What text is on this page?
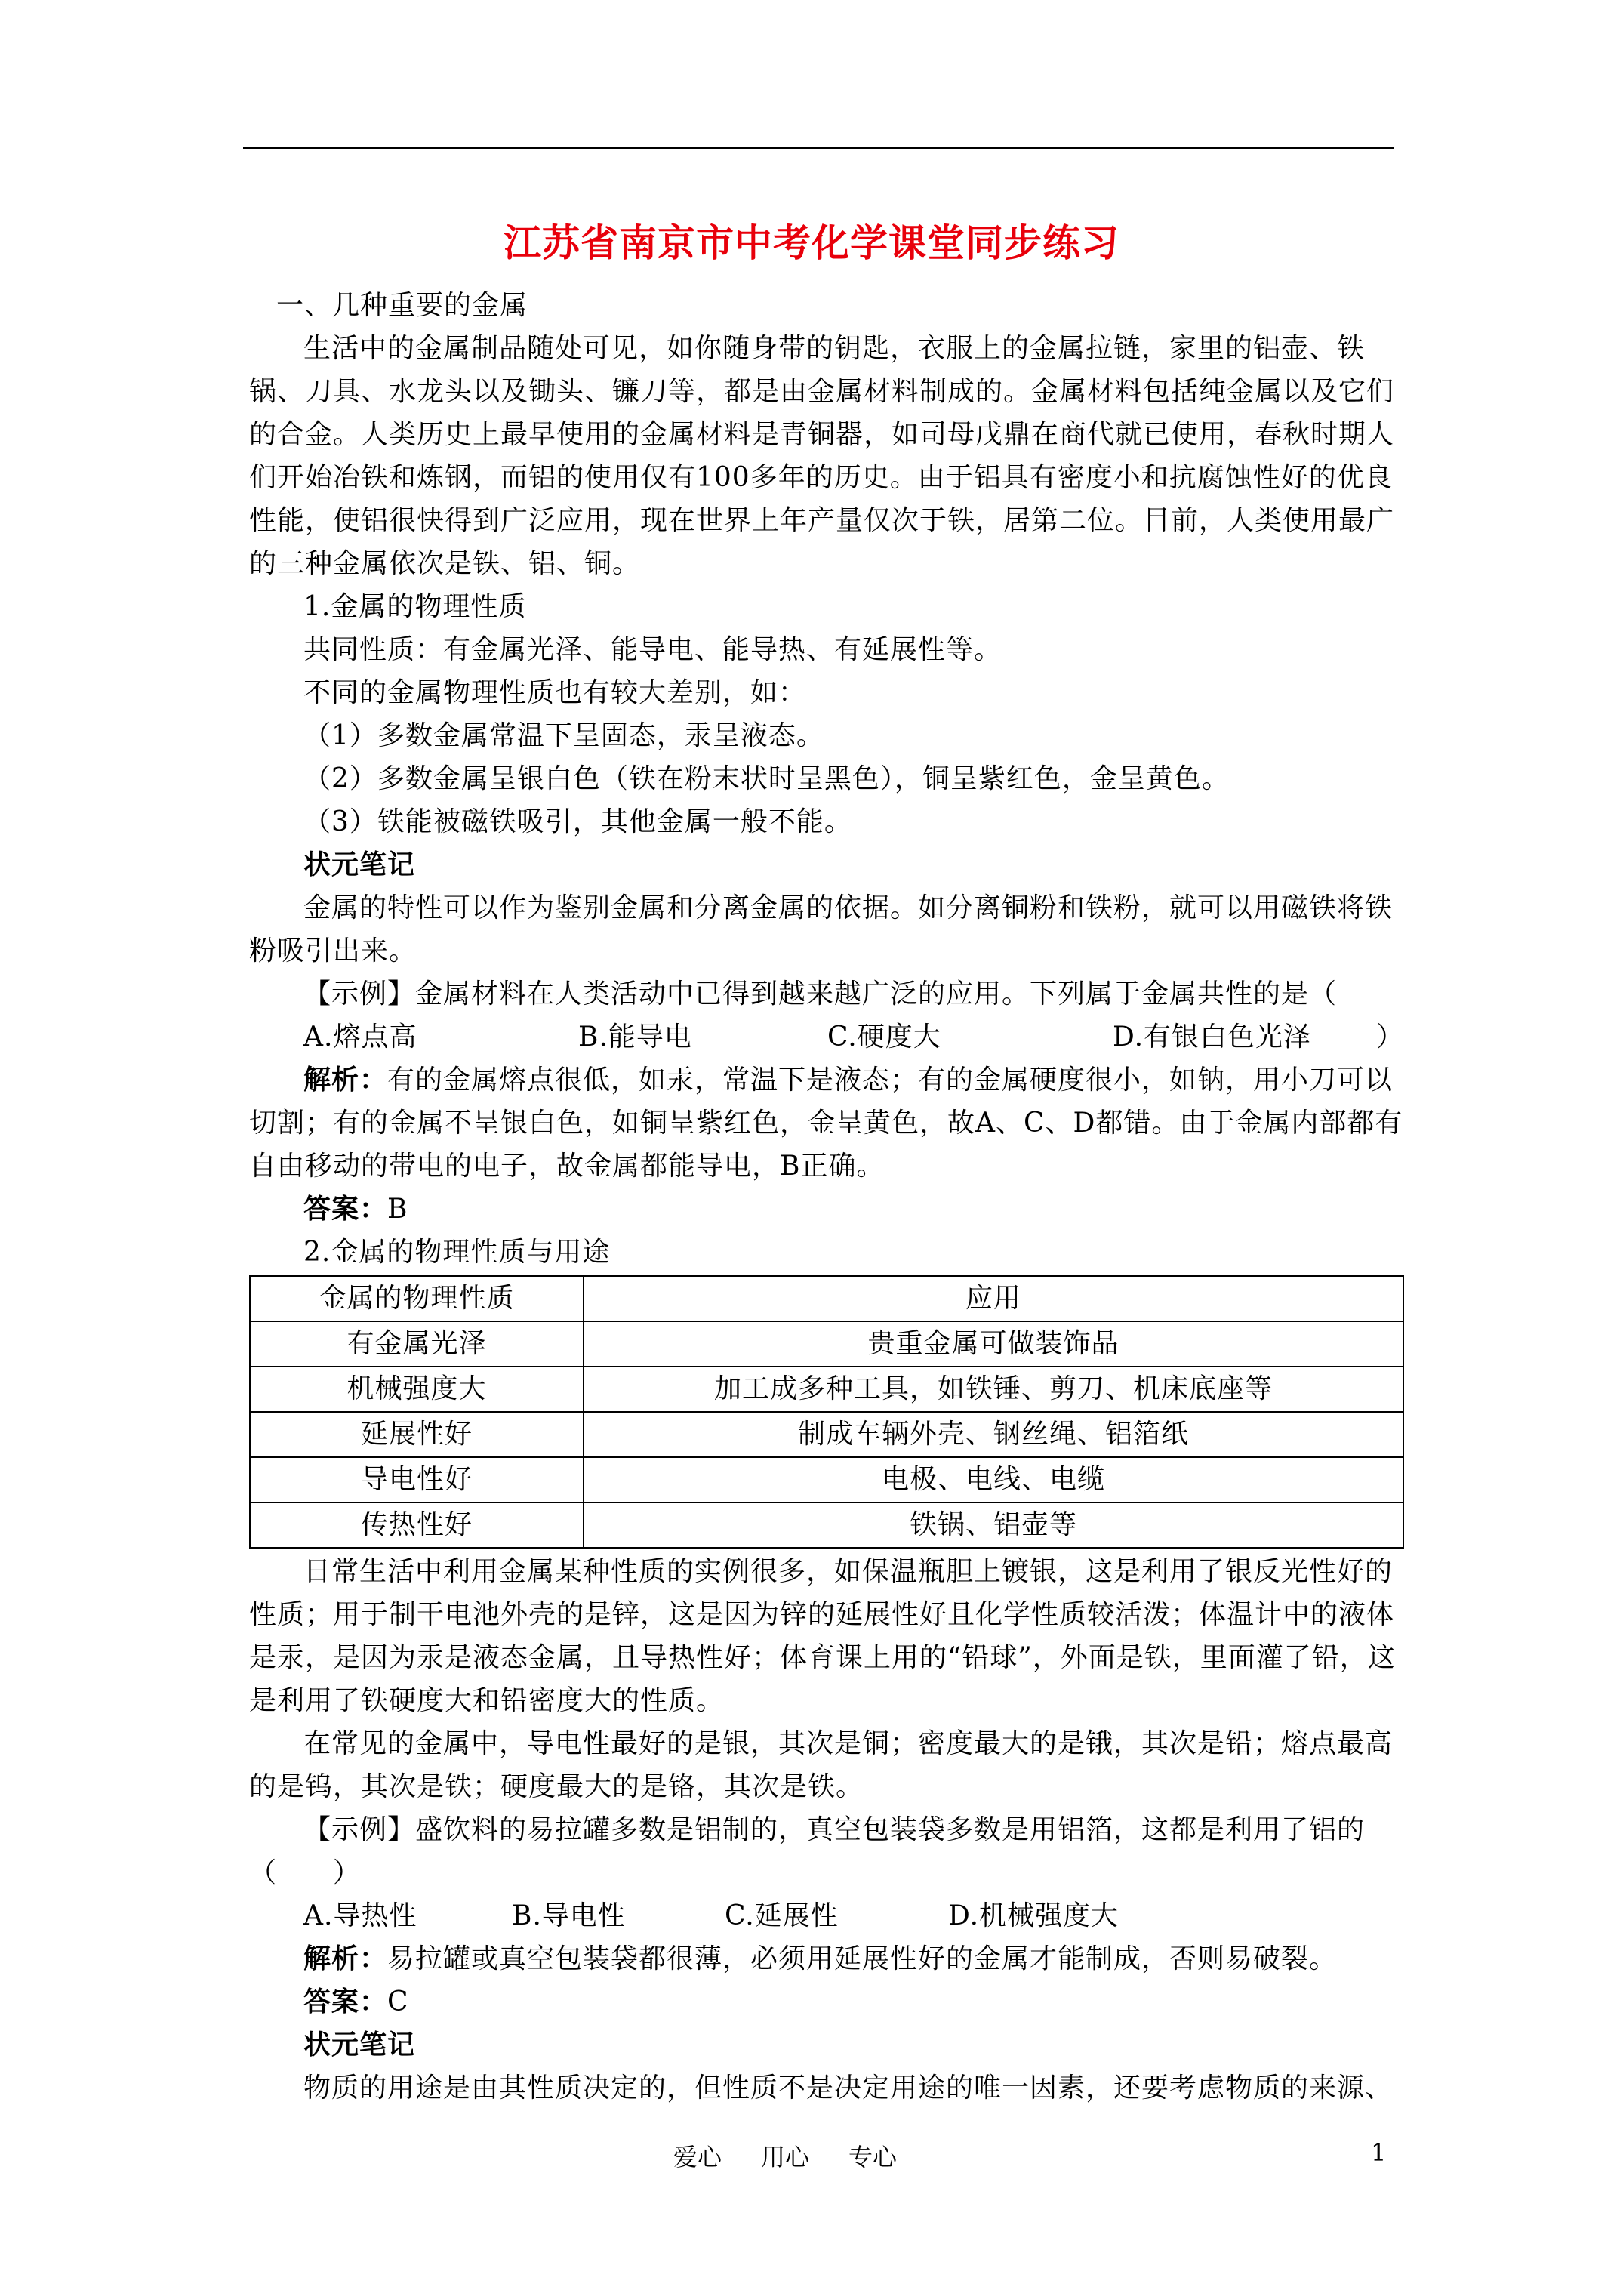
江苏省南京市中考化学课堂同步练习

一、几种重要的金属

生活中的金属制品随处可见，如你随身带的钥匙，衣服上的金属拉链，家里的铝壶、铁锅、刀具、水龙头以及锄头、镰刀等，都是由金属材料制成的。金属材料包括纯金属以及它们的合金。人类历史上最早使用的金属材料是青铜器，如司母戊鼎在商代就已使用，春秋时期人们开始冶铁和炼钢，而铝的使用仅有100多年的历史。由于铝具有密度小和抗腐蚀性好的优良性能，使铝很快得到广泛应用，现在世界上年产量仅次于铁，居第二位。目前，人类使用最广的三种金属依次是铁、铝、铜。

1.金属的物理性质

共同性质：有金属光泽、能导电、能导热、有延展性等。

不同的金属物理性质也有较大差别，如：

（1）多数金属常温下呈固态，汞呈液态。

（2）多数金属呈银白色（铁在粉末状时呈黑色），铜呈紫红色，金呈黄色。

（3）铁能被磁铁吸引，其他金属一般不能。

状元笔记

金属的特性可以作为鉴别金属和分离金属的依据。如分离铜粉和铁粉，就可以用磁铁将铁粉吸引出来。

【示例】金属材料在人类活动中已得到越来越广泛的应用。下列属于金属共性的是（
）

A.熔点高	B.能导电	C.硬度大	D.有银白色光泽

解析：有的金属熔点很低，如汞，常温下是液态；有的金属硬度很小，如钠，用小刀可以切割；有的金属不呈银白色，如铜呈紫红色，金呈黄色，故A、C、D都错。由于金属内部都有自由移动的带电的电子，故金属都能导电，B正确。

答案：B

2.金属的物理性质与用途

金属的物理性质	应用
有金属光泽	贵重金属可做装饰品
机械强度大	加工成多种工具，如铁锤、剪刀、机床底座等
延展性好	制成车辆外壳、钢丝绳、铝箔纸
导电性好	电极、电线、电缆
传热性好	铁锅、铝壶等

日常生活中利用金属某种性质的实例很多，如保温瓶胆上镀银，这是利用了银反光性好的性质；用于制干电池外壳的是锌，这是因为锌的延展性好且化学性质较活泼；体温计中的液体是汞，是因为汞是液态金属，且导热性好；体育课上用的“铅球”，外面是铁，里面灌了铅，这是利用了铁硬度大和铅密度大的性质。

在常见的金属中，导电性最好的是银，其次是铜；密度最大的是锇，其次是铅；熔点最高的是钨，其次是铁；硬度最大的是铬，其次是铁。

【示例】盛饮料的易拉罐多数是铝制的，真空包装袋多数是用铝箔，这都是利用了铝的（　　）

A.导热性	B.导电性	C.延展性	D.机械强度大

解析：易拉罐或真空包装袋都很薄，必须用延展性好的金属才能制成，否则易破裂。

答案：C

状元笔记

物质的用途是由其性质决定的，但性质不是决定用途的唯一因素，还要考虑物质的来源、

爱心 用心 专心	1
